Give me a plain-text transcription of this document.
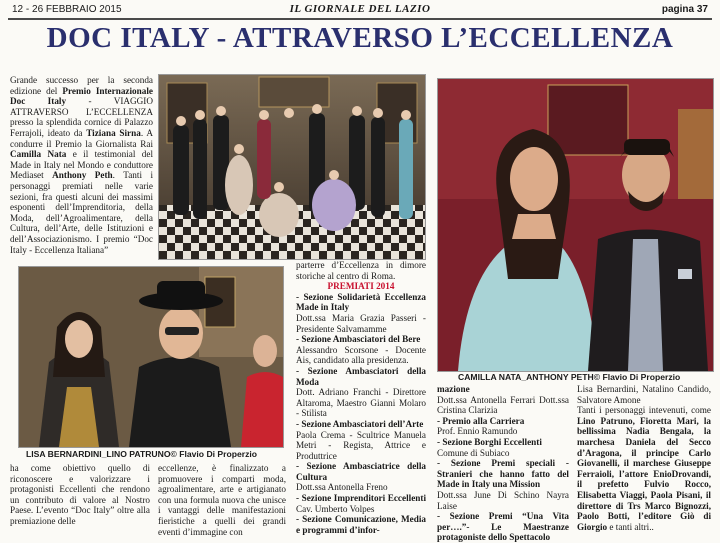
12 - 26 FEBBRAIO 2015	IL GIORNALE DEL LAZIO	pagina 37
DOC ITALY - ATTRAVERSO L’ECCELLENZA

Grande successo per la seconda edizione del Premio Internazionale Doc Italy - VIAGGIO ATTRAVERSO L’ECCELLENZA presso la splendida cornice di Palazzo Ferrajoli, ideato da Tiziana Sirna. A condurre il Premio la Giornalista Rai Camilla Nata e il testimonial del Made in Italy nel Mondo e conduttore Mediaset Anthony Peth. Tanti i personaggi premiati nelle varie sezioni, fra questi alcuni dei massimi esponenti dell’Imprenditoria, della Moda, dell’Agroalimentare, della Cultura, dell’Arte, delle Istituzioni e dell’Associazionismo. I premio “Doc Italy - Eccellenza Italiana”

LISA BERNARDINI_LINO PATRUNO© Flavio Di Properzio
ha come obiettivo quello di riconoscere e valorizzare i protagonisti Eccellenti che rendono un contributo di valore al Nostro Paese. L’evento “Doc Italy” oltre alla premiazione delle
eccellenze, è finalizzato a promuovere i comparti moda, agroalimentare, arte e artigianato con una formula nuova che unisce i vantaggi delle manifestazioni fieristiche a quelli dei grandi eventi d’immagine con

parterre d’Eccellenza in dimore storiche al centro di Roma.

PREMIATI 2014
- Sezione Solidarietà Eccellenza Made in Italy
Dott.ssa Maria Grazia Passeri - Presidente Salvamamme
- Sezione Ambasciatori del Bere
Alessandro Scorsone - Docente Ais, candidato alla presidenza.
- Sezione Ambasciatori della Moda
Dott. Adriano Franchi - Direttore Altaroma, Maestro Gianni Molaro - Stilista
- Sezione Ambasciatori dell’Arte
Paola Crema - Scultrice Manuela Metri - Regista, Attrice e Produttrice
- Sezione Ambasciatrice della Cultura
Dott.ssa Antonella Freno
- Sezione Imprenditori Eccellenti Cav. Umberto Volpes
- Sezione Comunicazione, Media e programmi d’infor-
CAMILLA NATA_ANTHONY PETH© Flavio Di Properzio
mazione
Dott.ssa Antonella Ferrari Dott.ssa Cristina Clarizia
- Premio alla Carriera
Prof. Ennio Ramundo
- Sezione Borghi Eccellenti
Comune di Subiaco
- Sezione Premi speciali - Stranieri che hanno fatto del Made in Italy una Mission
Dott.ssa June Di Schino Nayra Laise
- Sezione Premi “Una Vita per….”- Le Maestranze protagoniste dello Spettacolo

Lisa Bernardini, Natalino Candido, Salvatore Amone

Tanti i personaggi intevenuti, come Lino Patruno, Fioretta Mari, la bellissima Nadia Bengala, la marchesa Daniela del Secco d’Aragona, il principe Carlo Giovanelli, il marchese Giuseppe Ferraioli, l’attore EnioDrovandi, il prefetto Fulvio Rocco, Elisabetta Viaggi, Paola Pisani, il direttore di Trs Marco Bignozzi, Paolo Botti, l’editore Giò di Giorgio e tanti altri..
